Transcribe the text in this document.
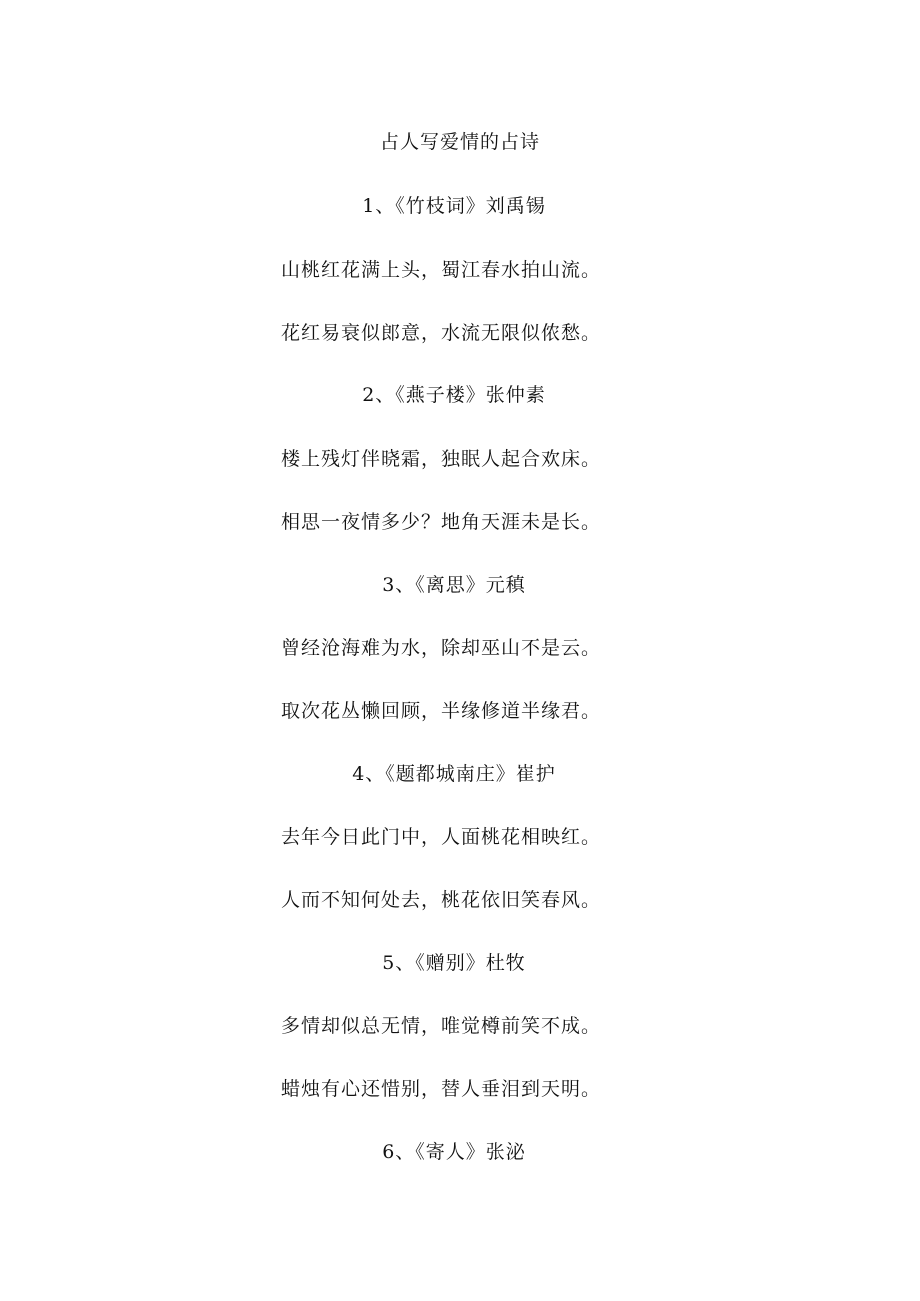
占人写爱情的占诗
1、《竹枝词》刘禹锡
山桃红花满上头，蜀江春水拍山流。
花红易衰似郎意，水流无限似侬愁。
2、《燕子楼》张仲素
楼上残灯伴晓霜，独眠人起合欢床。
相思一夜情多少？地角天涯未是长。
3、《离思》元稹
曾经沧海难为水，除却巫山不是云。
取次花丛懒回顾，半缘修道半缘君。
4、《题都城南庄》崔护
去年今日此门中，人面桃花相映红。
人而不知何处去，桃花依旧笑春风。
5、《赠别》杜牧
多情却似总无情，唯觉樽前笑不成。
蜡烛有心还惜别，替人垂泪到天明。
6、《寄人》张泌
